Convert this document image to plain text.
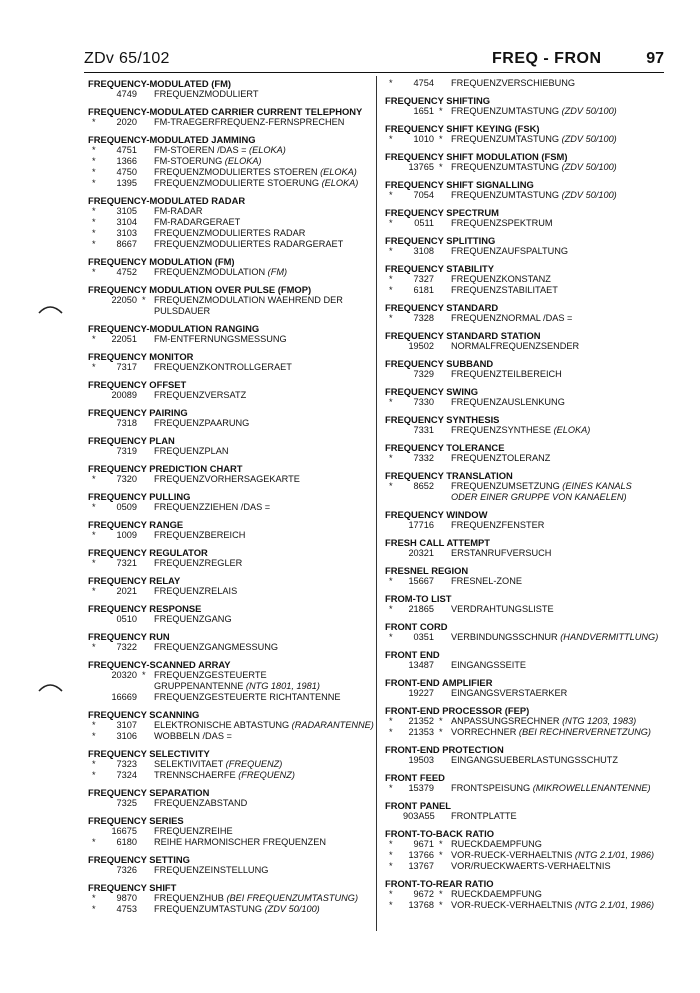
ZDv 65/102	FREQ - FRON	97
FREQUENCY-MODULATED (FM)
4749	FREQUENZMODULIERT
FREQUENCY-MODULATED CARRIER CURRENT TELEPHONY
*	2020	FM-TRAEGERFREQUENZ-FERNSPRECHEN
FREQUENCY-MODULATED JAMMING
*	4751	FM-STOEREN /DAS = (ELOKA)
*	1366	FM-STOERUNG (ELOKA)
*	4750	FREQUENZMODULIERTES STOEREN (ELOKA)
*	1395	FREQUENZMODULIERTE STOERUNG (ELOKA)
FREQUENCY-MODULATED RADAR
*	3105	FM-RADAR
*	3104	FM-RADARGERAET
*	3103	FREQUENZMODULIERTES RADAR
*	8667	FREQUENZMODULIERTES RADARGERAET
FREQUENCY MODULATION (FM)
*	4752	FREQUENZMODULATION (FM)
FREQUENCY MODULATION OVER PULSE (FMOP)
22050 * FREQUENZMODULATION WAEHREND DER PULSDAUER
FREQUENCY-MODULATION RANGING
*	22051	FM-ENTFERNUNGSMESSUNG
FREQUENCY MONITOR
*	7317	FREQUENZKONTROLLGERAET
FREQUENCY OFFSET
20089	FREQUENZVERSATZ
FREQUENCY PAIRING
7318	FREQUENZPAARUNG
FREQUENCY PLAN
7319	FREQUENZPLAN
FREQUENCY PREDICTION CHART
*	7320	FREQUENZVORHERSAGEKARTE
FREQUENCY PULLING
*	0509	FREQUENZZIEHEN /DAS =
FREQUENCY RANGE
*	1009	FREQUENZBEREICH
FREQUENCY REGULATOR
*	7321	FREQUENZREGLER
FREQUENCY RELAY
*	2021	FREQUENZRELAIS
FREQUENCY RESPONSE
0510	FREQUENZGANG
FREQUENCY RUN
*	7322	FREQUENZGANGMESSUNG
FREQUENCY-SCANNED ARRAY
20320 * FREQUENZGESTEUERTE GRUPPENANTENNE (NTG 1801, 1981)
16669	FREQUENZGESTEUERTE RICHTANTENNE
FREQUENCY SCANNING
*	3107	ELEKTRONISCHE ABTASTUNG (RADARANTENNE)
*	3106	WOBBELN /DAS =
FREQUENCY SELECTIVITY
*	7323	SELEKTIVITAET (FREQUENZ)
*	7324	TRENNSCHAERFE (FREQUENZ)
FREQUENCY SEPARATION
7325	FREQUENZABSTAND
FREQUENCY SERIES
16675	FREQUENZREIHE
*	6180	REIHE HARMONISCHER FREQUENZEN
FREQUENCY SETTING
7326	FREQUENZEINSTELLUNG
FREQUENCY SHIFT
*	9870	FREQUENZHUB (BEI FREQUENZUMTASTUNG)
*	4753	FREQUENZUMTASTUNG (ZDV 50/100)
*	4754	FREQUENZVERSCHIEBUNG
FREQUENCY SHIFTING
1651 * FREQUENZUMTASTUNG (ZDV 50/100)
FREQUENCY SHIFT KEYING (FSK)
*	1010 * FREQUENZUMTASTUNG (ZDV 50/100)
FREQUENCY SHIFT MODULATION (FSM)
13765 * FREQUENZUMTASTUNG (ZDV 50/100)
FREQUENCY SHIFT SIGNALLING
*	7054	FREQUENZUMTASTUNG (ZDV 50/100)
FREQUENCY SPECTRUM
*	0511	FREQUENZSPEKTRUM
FREQUENCY SPLITTING
*	3108	FREQUENZAUFSPALTUNG
FREQUENCY STABILITY
*	7327	FREQUENZKONSTANZ
*	6181	FREQUENZSTABILITAET
FREQUENCY STANDARD
*	7328	FREQUENZNORMAL /DAS =
FREQUENCY STANDARD STATION
19502	NORMALFREQUENZSENDER
FREQUENCY SUBBAND
7329	FREQUENZTEILBEREICH
FREQUENCY SWING
*	7330	FREQUENZAUSLENKUNG
FREQUENCY SYNTHESIS
7331	FREQUENZSYNTHESE (ELOKA)
FREQUENCY TOLERANCE
*	7332	FREQUENZTOLERANZ
FREQUENCY TRANSLATION
*	8652	FREQUENZUMSETZUNG (EINES KANALS ODER EINER GRUPPE VON KANAELEN)
FREQUENCY WINDOW
17716	FREQUENZFENSTER
FRESH CALL ATTEMPT
20321	ERSTANRUFVERSUCH
FRESNEL REGION
*	15667	FRESNEL-ZONE
FROM-TO LIST
*	21865	VERDRAHTUNGSLISTE
FRONT CORD
*	0351	VERBINDUNGSSCHNUR (HANDVERMITTLUNG)
FRONT END
13487	EINGANGSSEITE
FRONT-END AMPLIFIER
19227	EINGANGSVERSTAERKER
FRONT-END PROCESSOR (FEP)
*	21352 * ANPASSUNGSRECHNER (NTG 1203, 1983)
*	21353 * VORRECHNER (BEI RECHNERVERNETZUNG)
FRONT-END PROTECTION
19503	EINGANGSUEBERLASTUNGSSCHUTZ
FRONT FEED
*	15379	FRONTSPEISUNG (MIKROWELLENANTENNE)
FRONT PANEL
903A55	FRONTPLATTE
FRONT-TO-BACK RATIO
*	9671 * RUECKDAEMPFUNG
*	13766 * VOR-RUECK-VERHAELTNIS (NTG 2.1/01, 1986)
*	13767	VOR/RUECKWAERTS-VERHAELTNIS
FRONT-TO-REAR RATIO
*	9672 * RUECKDAEMPFUNG
*	13768 * VOR-RUECK-VERHAELTNIS (NTG 2.1/01, 1986)
